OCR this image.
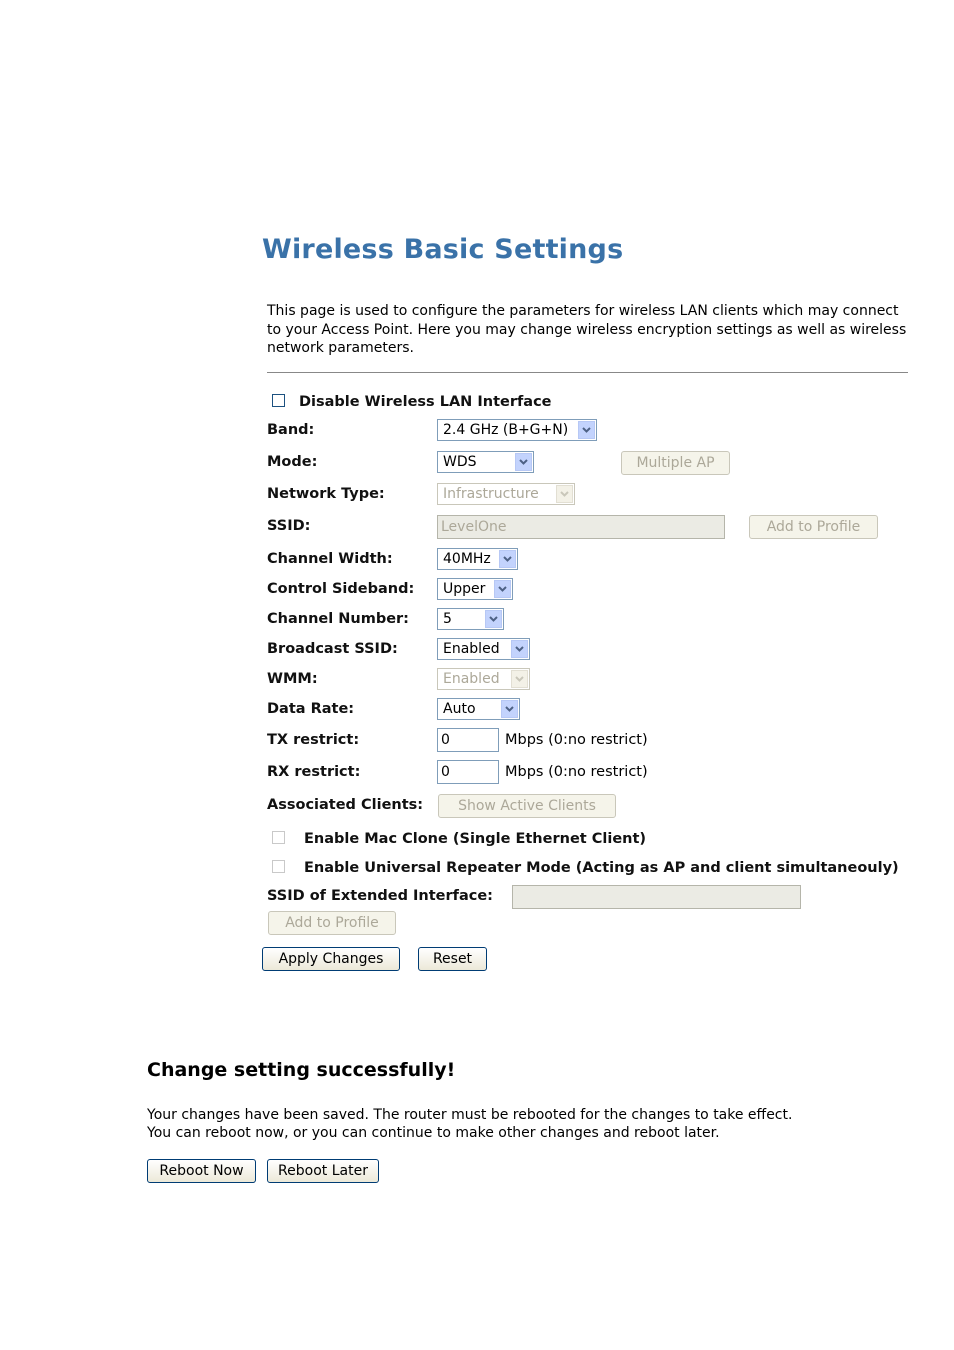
Wireless Basic Settings
This page is used to configure the parameters for wireless LAN clients which may connect to your Access Point. Here you may change wireless encryption settings as well as wireless network parameters.
Disable Wireless LAN Interface
Band:	2.4 GHz (B+G+N)
Mode:	WDS	Multiple AP
Network Type:	Infrastructure
SSID:	LevelOne	Add to Profile
Channel Width:	40MHz
Control Sideband:	Upper
Channel Number:	5
Broadcast SSID:	Enabled
WMM:	Enabled
Data Rate:	Auto
TX restrict:	0	Mbps (0:no restrict)
RX restrict:	0	Mbps (0:no restrict)
Associated Clients:	Show Active Clients
Enable Mac Clone (Single Ethernet Client)
Enable Universal Repeater Mode (Acting as AP and client simultaneouly)
SSID of Extended Interface:
Add to Profile
Apply Changes	Reset
Change setting successfully!
Your changes have been saved. The router must be rebooted for the changes to take effect.
You can reboot now, or you can continue to make other changes and reboot later.
Reboot Now	Reboot Later
